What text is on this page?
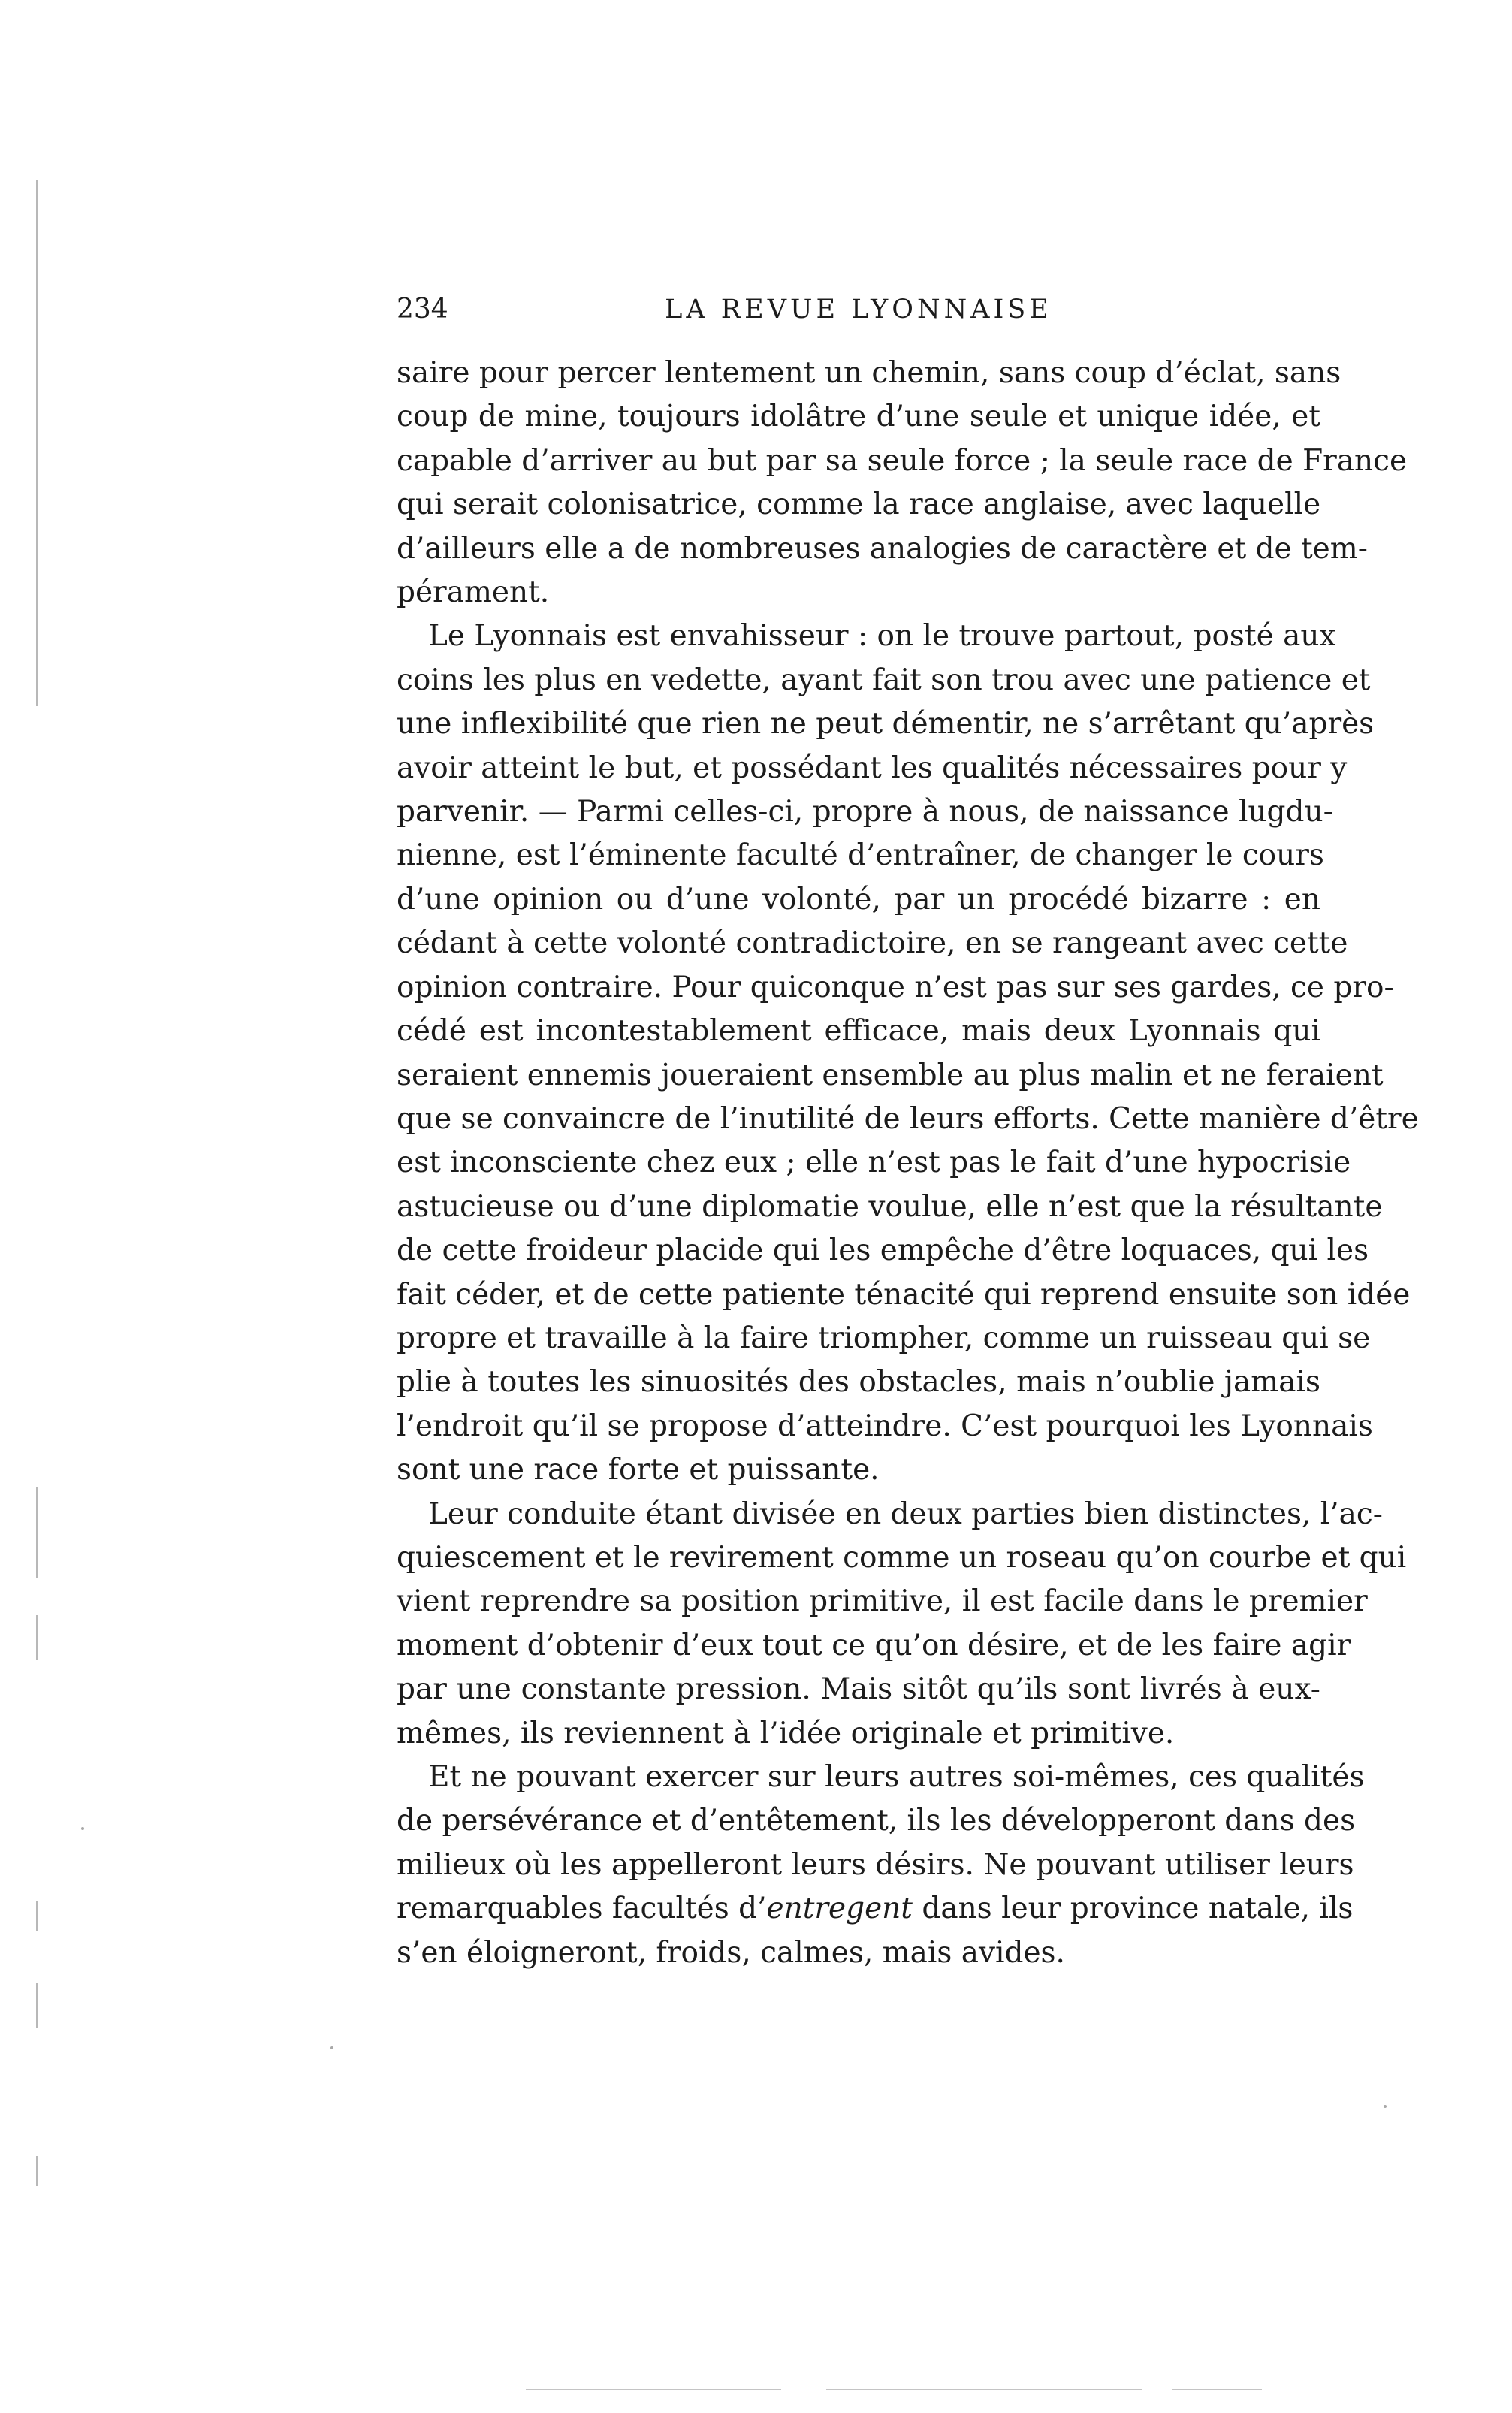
234	LA REVUE LYONNAISE

saire pour percer lentement un chemin, sans coup d’éclat, sans
coup de mine, toujours idolâtre d’une seule et unique idée, et
capable d’arriver au but par sa seule force ; la seule race de France
qui serait colonisatrice, comme la race anglaise, avec laquelle
d’ailleurs elle a de nombreuses analogies de caractère et de tem-
pérament.

Le Lyonnais est envahisseur : on le trouve partout, posté aux
coins les plus en vedette, ayant fait son trou avec une patience et
une inflexibilité que rien ne peut démentir, ne s’arrêtant qu’après
avoir atteint le but, et possédant les qualités nécessaires pour y
parvenir. — Parmi celles-ci, propre à nous, de naissance lugdu-
nienne, est l’éminente faculté d’entraîner, de changer le cours
d’une opinion ou d’une volonté, par un procédé bizarre : en
cédant à cette volonté contradictoire, en se rangeant avec cette
opinion contraire. Pour quiconque n’est pas sur ses gardes, ce pro-
cédé est incontestablement efficace, mais deux Lyonnais qui
seraient ennemis joueraient ensemble au plus malin et ne feraient
que se convaincre de l’inutilité de leurs efforts. Cette manière d’être
est inconsciente chez eux ; elle n’est pas le fait d’une hypocrisie
astucieuse ou d’une diplomatie voulue, elle n’est que la résultante
de cette froideur placide qui les empêche d’être loquaces, qui les
fait céder, et de cette patiente ténacité qui reprend ensuite son idée
propre et travaille à la faire triompher, comme un ruisseau qui se
plie à toutes les sinuosités des obstacles, mais n’oublie jamais
l’endroit qu’il se propose d’atteindre. C’est pourquoi les Lyonnais
sont une race forte et puissante.

Leur conduite étant divisée en deux parties bien distinctes, l’ac-
quiescement et le revirement comme un roseau qu’on courbe et qui
vient reprendre sa position primitive, il est facile dans le premier
moment d’obtenir d’eux tout ce qu’on désire, et de les faire agir
par une constante pression. Mais sitôt qu’ils sont livrés à eux-
mêmes, ils reviennent à l’idée originale et primitive.

Et ne pouvant exercer sur leurs autres soi-mêmes, ces qualités
de persévérance et d’entêtement, ils les développeront dans des
milieux où les appelleront leurs désirs. Ne pouvant utiliser leurs
remarquables facultés d’entregent dans leur province natale, ils
s’en éloigneront, froids, calmes, mais avides.
